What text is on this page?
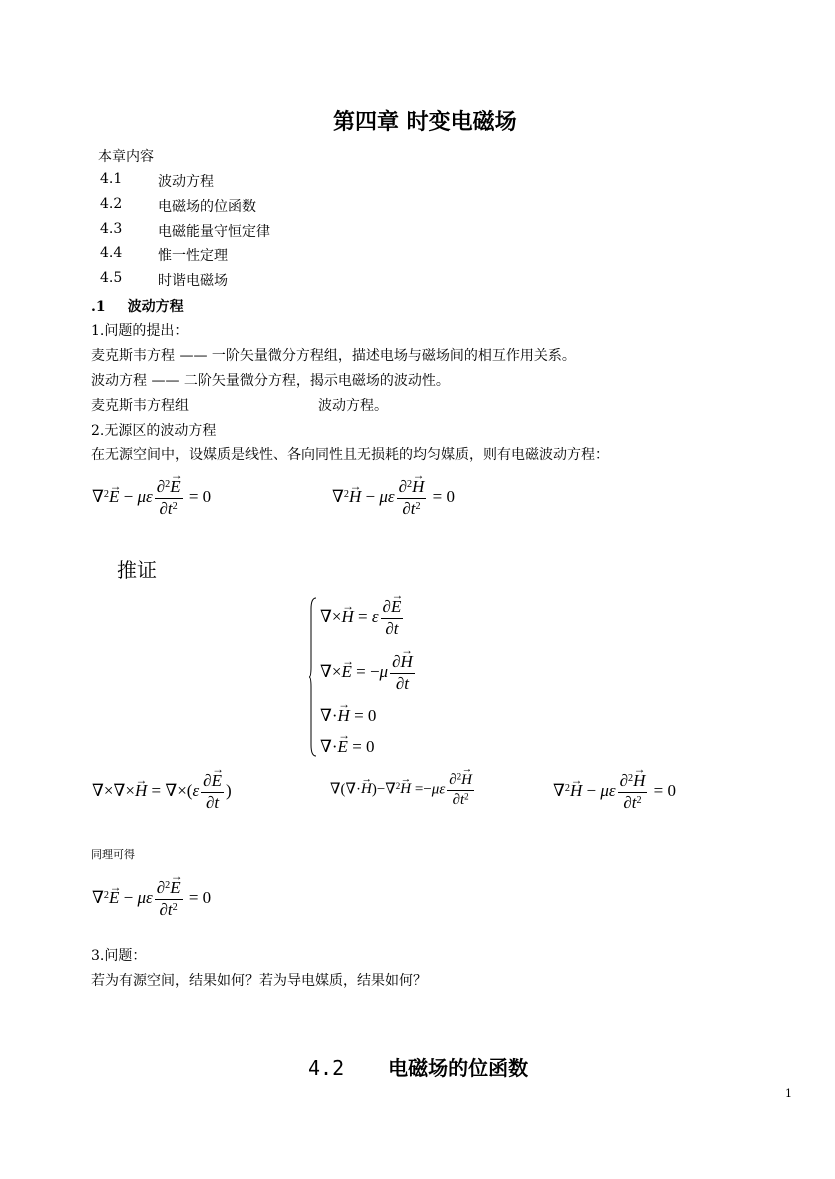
第四章 时变电磁场
本章内容
4.1	波动方程
4.2	电磁场的位函数
4.3	电磁能量守恒定律
4.4	惟一性定理
4.5	时谐电磁场
.1 波动方程
1.问题的提出：
麦克斯韦方程 —— 一阶矢量微分方程组，描述电场与磁场间的相互作用关系。
波动方程 —— 二阶矢量微分方程，揭示电磁场的波动性。
麦克斯韦方程组	波动方程。
2.无源区的波动方程
在无源空间中，设媒质是线性、各向同性且无损耗的均匀媒质，则有电磁波动方程：
∇$^2$→ E − με $\frac{\partial^2\to E}{\partial t^2} = 0$	∇$^2$→ H − με $\frac{\partial^2\to H}{\partial t^2} = 0$
推证
∇×→ H = ε $\frac{\partial\to E}{\partial t}$
∇×→ $E = -\mu \frac{\partial\to H}{\partial t}$
∇·→ H = 0
∇·→ E = 0
∇×∇×→ $H = \nabla\times(\varepsilon \frac{\partial\to E}{\partial t}$ )	∇(∇·→ $H)-\nabla^2\to H =-\mu\varepsilon \frac{\partial^2\to H}{\partial t^2}$	∇$^2$→ H − με $\frac{\partial^2\to H}{\partial t^2} = 0$
同理可得
∇$^2$→ E − με $\frac{\partial^2\to E}{\partial t^2} = 0$
3.问题：
若为有源空间，结果如何？若为导电媒质，结果如何？
4.2 电磁场的位函数
1
